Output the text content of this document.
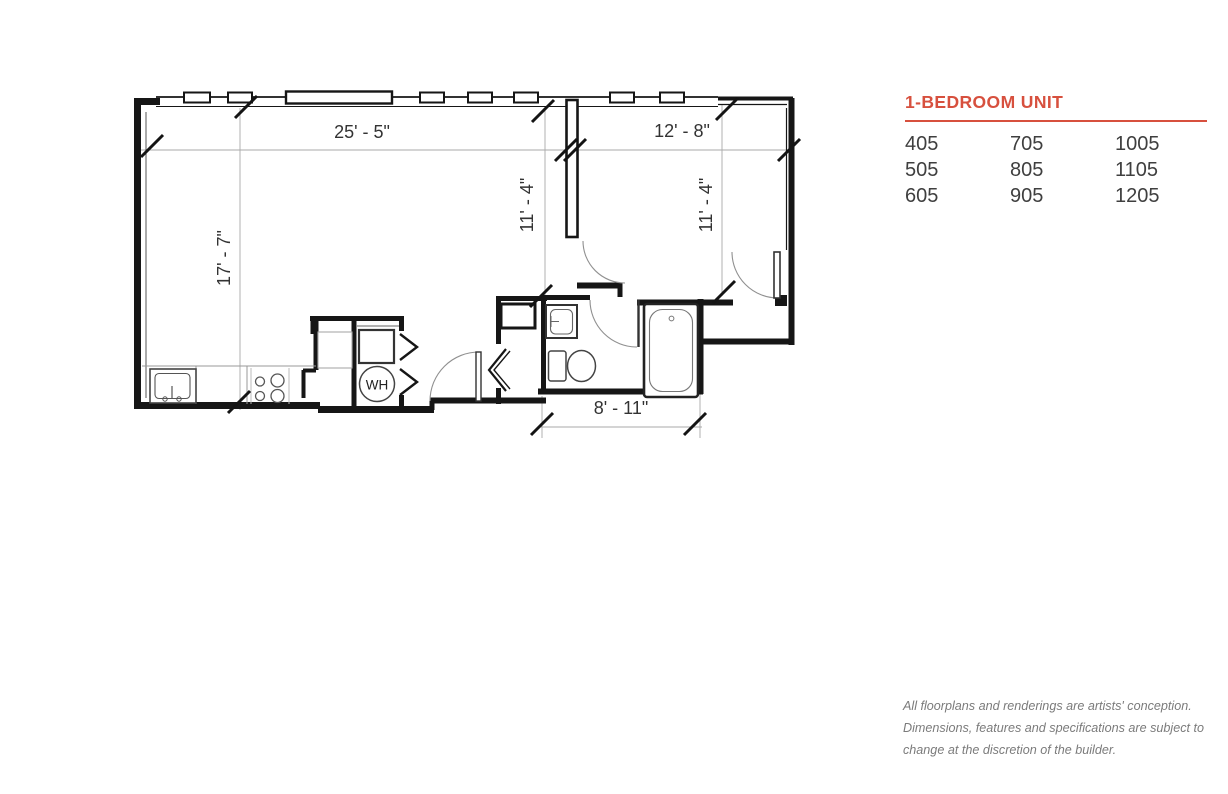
WH
25' - 5"	12' - 8"
8' - 11"
17' - 7"
11' - 4"	11' - 4"
1-BEDROOM UNIT
405
505
605
705
805
905
1005
1105
1205

All floorplans and renderings are artists' conception. Dimensions, features and specifications are subject to change at the discretion of the builder.
